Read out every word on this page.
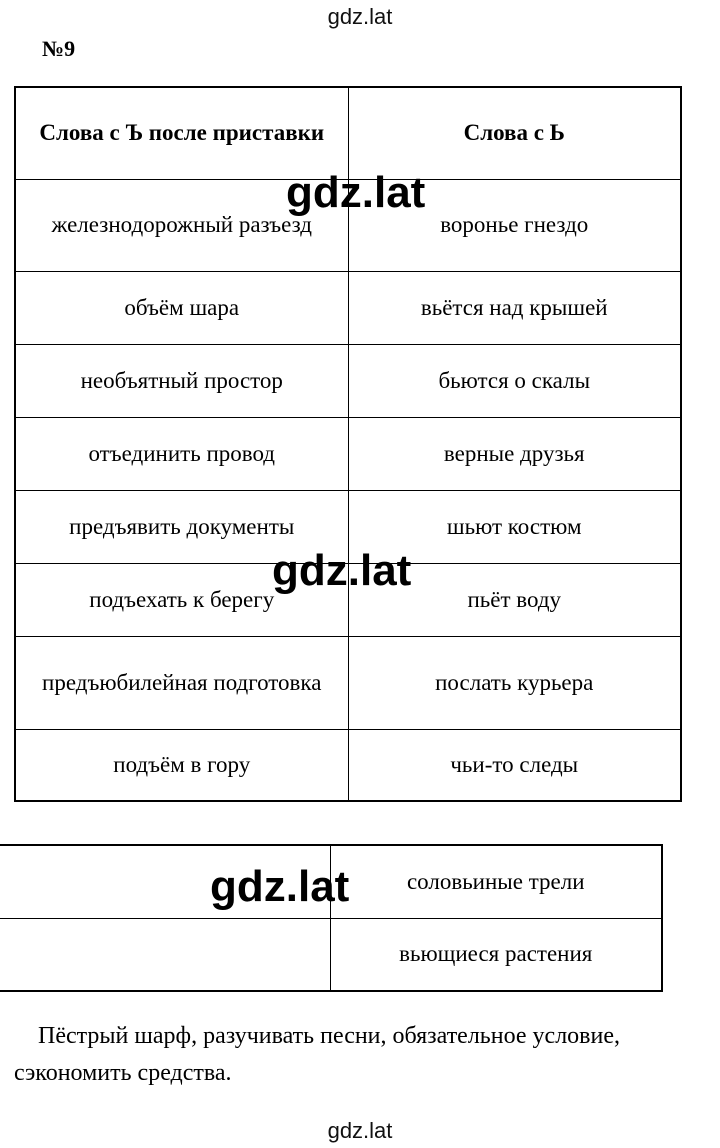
gdz.lat
№9
Слова с Ъ после приставки	Слова с Ь
железнодорожный разъезд	воронье гнездо
объём шара	вьётся над крышей
необъятный простор	бьются о скалы
отъединить провод	верные друзья
предъявить документы	шьют костюм
подъехать к берегу	пьёт воду
предъюбилейная подготовка	послать курьера
подъём в гору	чьи-то следы
	соловьиные трели
	вьющиеся растения
gdz.lat
gdz.lat
gdz.lat

Пёстрый шарф, разучивать песни, обязательное условие, сэкономить средства.

gdz.lat
